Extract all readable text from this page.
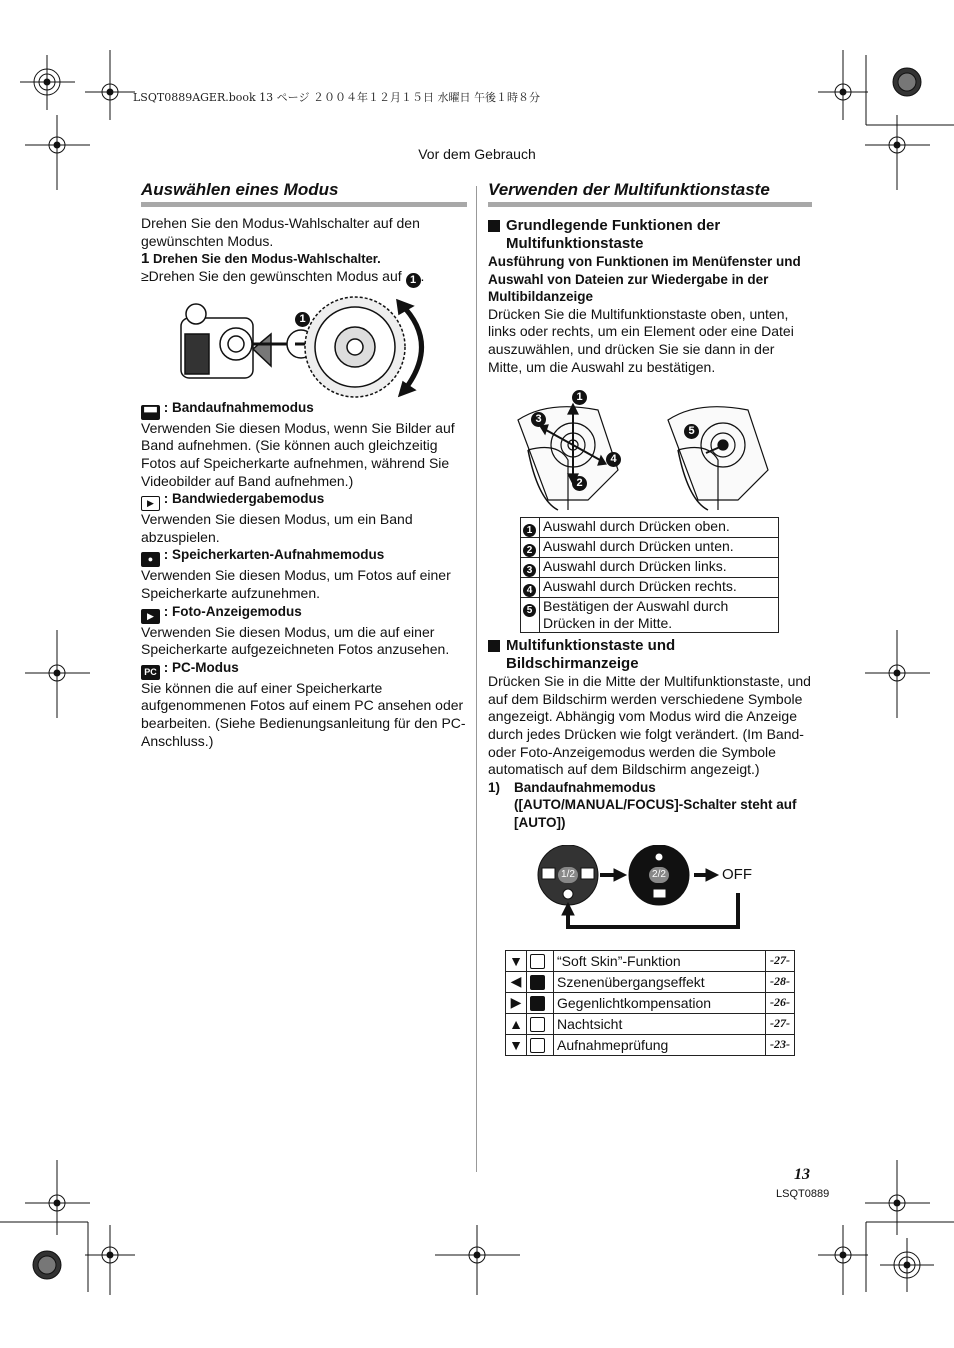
LSQT0889AGER.book 13 ページ ２００４年１２月１５日 水曜日 午後１時８分
Vor dem Gebrauch
Auswählen eines Modus
Drehen Sie den Modus-Wahlschalter auf den gewünschten Modus.
1 Drehen Sie den Modus-Wahlschalter.
≥Drehen Sie den gewünschten Modus auf 1 .
1
▀▀ : Bandaufnahmemodus
Verwenden Sie diesen Modus, wenn Sie Bilder auf Band aufnehmen. (Sie können auch gleichzeitig Fotos auf Speicherkarte aufnehmen, während Sie Videobilder auf Band aufnehmen.)
▶ : Bandwiedergabemodus
Verwenden Sie diesen Modus, um ein Band abzuspielen.
● : Speicherkarten-Aufnahmemodus
Verwenden Sie diesen Modus, um Fotos auf einer Speicherkarte aufzunehmen.
▶ : Foto-Anzeigemodus
Verwenden Sie diesen Modus, um die auf einer Speicherkarte aufgezeichneten Fotos anzusehen.
PC : PC-Modus
Sie können die auf einer Speicherkarte aufgenommenen Fotos auf einem PC ansehen oder bearbeiten. (Siehe Bedienungsanleitung für den PC-Anschluss.)
Verwenden der Multifunktionstaste
Grundlegende Funktionen der Multifunktionstaste
Ausführung von Funktionen im Menüfenster und Auswahl von Dateien zur Wiedergabe in der Multibildanzeige
Drücken Sie die Multifunktionstaste oben, unten, links oder rechts, um ein Element oder eine Datei auszuwählen, und drücken Sie sie dann in der Mitte, um die Auswahl zu bestätigen.
1
2
3
4
5
1	Auswahl durch Drücken oben.
2	Auswahl durch Drücken unten.
3	Auswahl durch Drücken links.
4	Auswahl durch Drücken rechts.
5	Bestätigen der Auswahl durch Drücken in der Mitte.
Multifunktionstaste und Bildschirmanzeige
Drücken Sie in die Mitte der Multifunktionstaste, und auf dem Bildschirm werden verschiedene Symbole angezeigt. Abhängig vom Modus wird die Anzeige durch jedes Drücken wie folgt verändert. (Im Band- oder Foto-Anzeigemodus werden die Symbole automatisch auf dem Bildschirm angezeigt.)
1)	Bandaufnahmemodus ([AUTO/MANUAL/FOCUS]-Schalter steht auf [AUTO])
1/2	2/2	OFF
▼		“Soft Skin”-Funktion	-27-
◀		Szenenübergangseffekt	-28-
▶		Gegenlichtkompensation	-26-
▲		Nachtsicht	-27-
▼		Aufnahmeprüfung	-23-
13
LSQT0889
